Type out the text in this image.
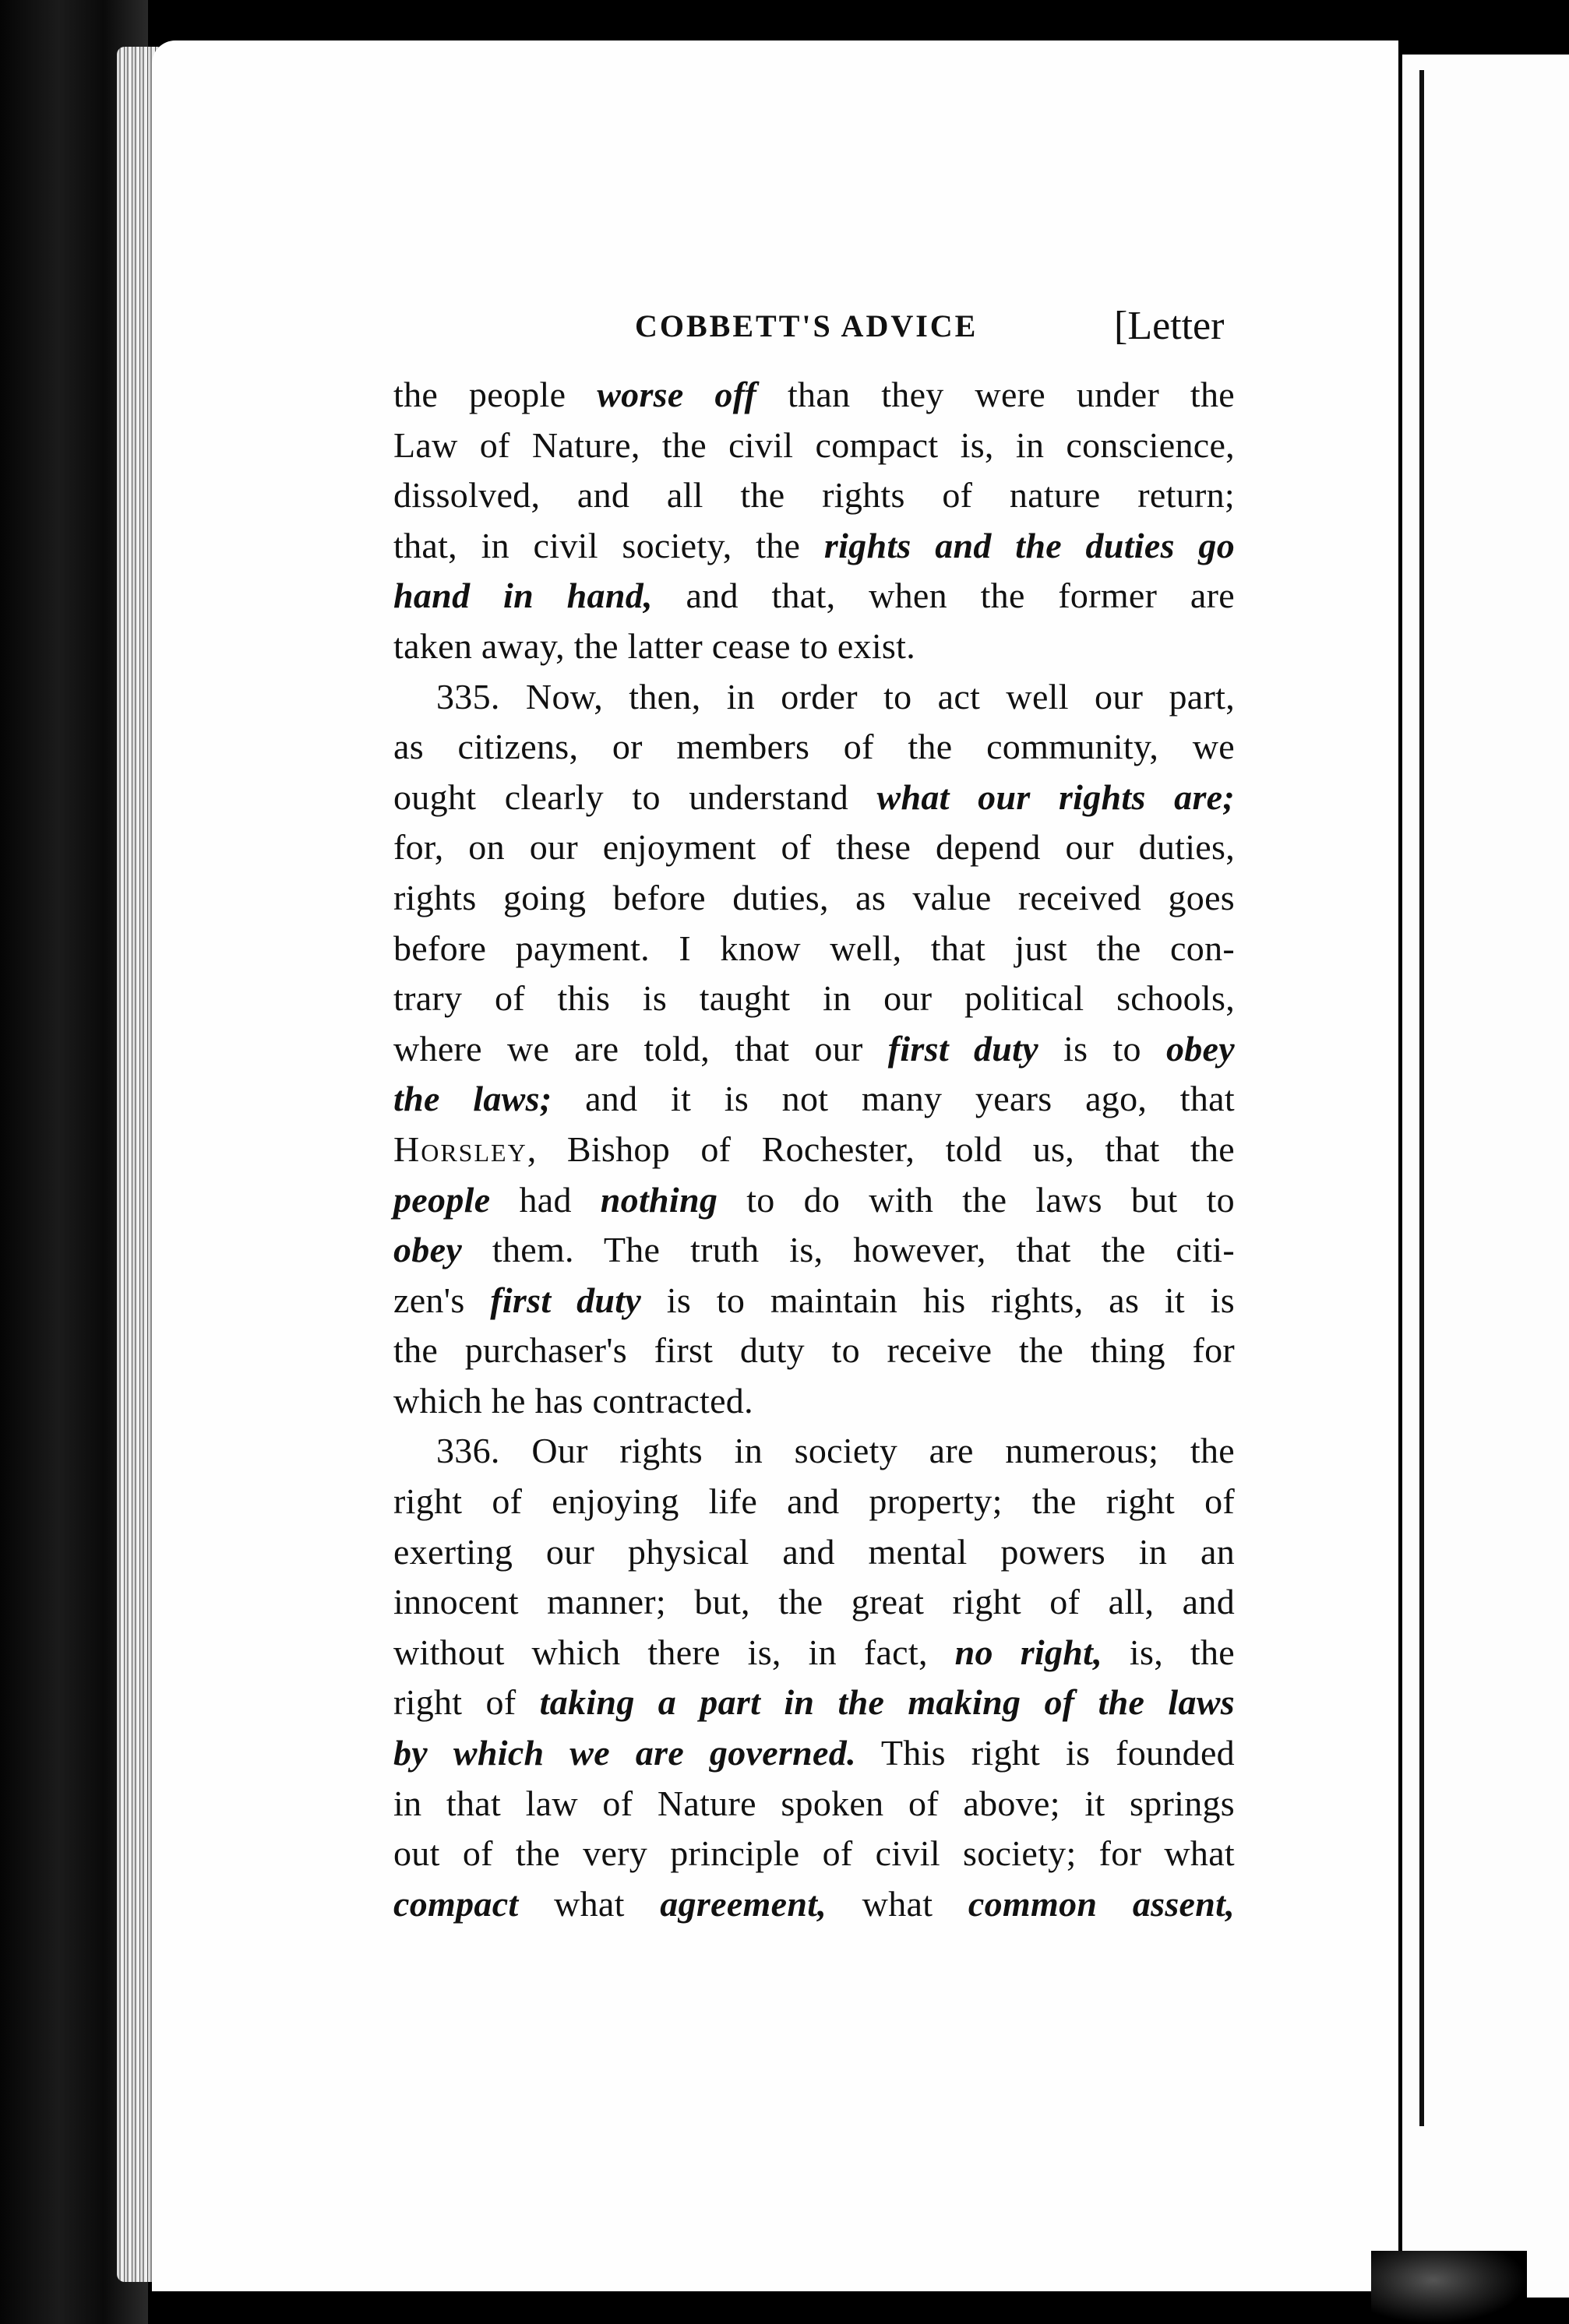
COBBETT'S ADVICE	[Letter
the people worse off than they were under the
Law of Nature, the civil compact is, in conscience,
dissolved, and all the rights of nature return;
that, in civil society, the rights and the duties go
hand in hand, and that, when the former are
taken away, the latter cease to exist.
335. Now, then, in order to act well our part,
as citizens, or members of the community, we
ought clearly to understand what our rights are;
for, on our enjoyment of these depend our duties,
rights going before duties, as value received goes
before payment. I know well, that just the con-
trary of this is taught in our political schools,
where we are told, that our first duty is to obey
the laws; and it is not many years ago, that
Horsley, Bishop of Rochester, told us, that the
people had nothing to do with the laws but to
obey them. The truth is, however, that the citi-
zen's first duty is to maintain his rights, as it is
the purchaser's first duty to receive the thing for
which he has contracted.
336. Our rights in society are numerous; the
right of enjoying life and property; the right of
exerting our physical and mental powers in an
innocent manner; but, the great right of all, and
without which there is, in fact, no right, is, the
right of taking a part in the making of the laws
by which we are governed. This right is founded
in that law of Nature spoken of above; it springs
out of the very principle of civil society; for what
compact what agreement, what common assent,
